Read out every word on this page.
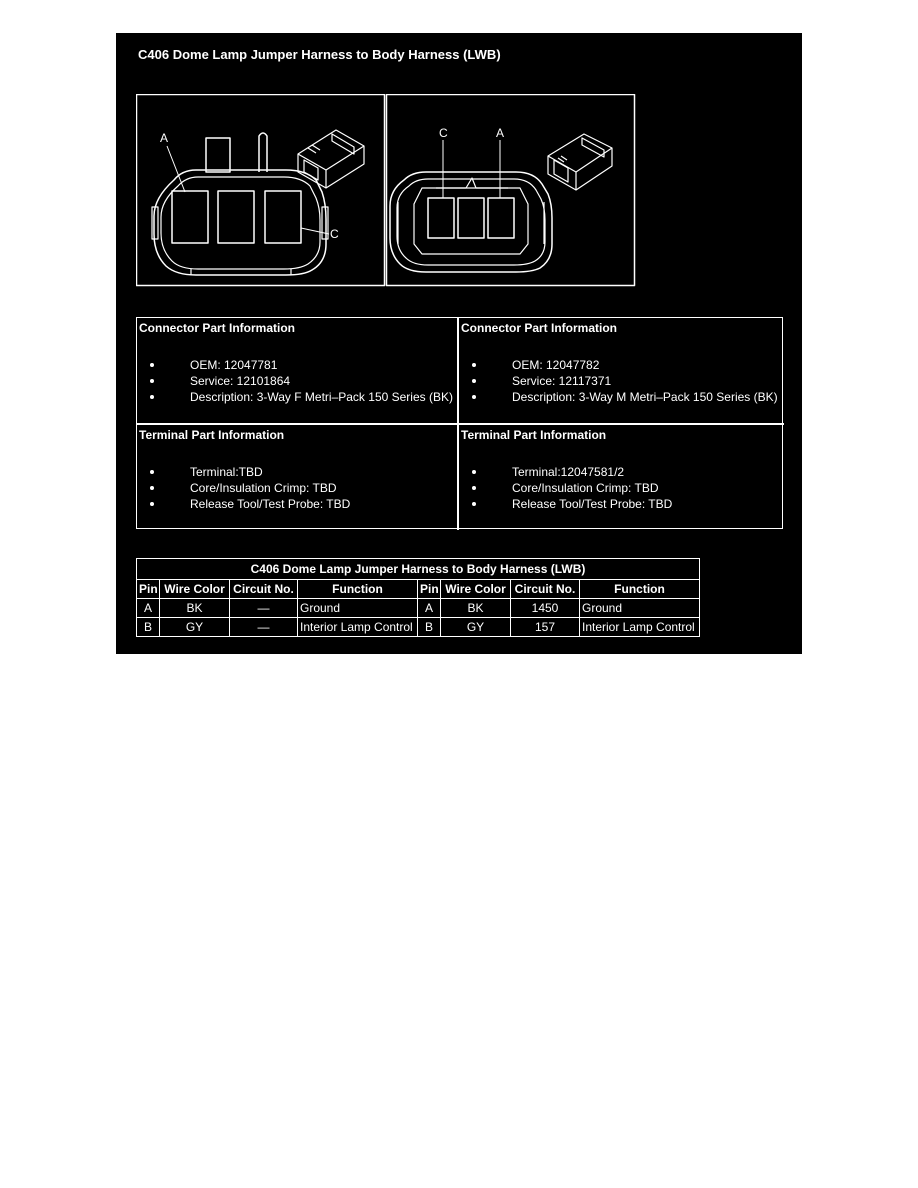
C406 Dome Lamp Jumper Harness to Body Harness (LWB)
A
C
C	A
Connector Part Information
OEM: 12047781
Service: 12101864
Description: 3-Way F Metri–Pack 150 Series (BK)
Connector Part Information
OEM: 12047782
Service: 12117371
Description: 3-Way M Metri–Pack 150 Series (BK)
Terminal Part Information
Terminal:TBD
Core/Insulation Crimp: TBD
Release Tool/Test Probe: TBD
Terminal Part Information
Terminal:12047581/2
Core/Insulation Crimp: TBD
Release Tool/Test Probe: TBD
C406 Dome Lamp Jumper Harness to Body Harness (LWB)							
Pin	Wire Color	Circuit No.	Function	Pin	Wire Color	Circuit No.	Function
A	BK	—	Ground	A	BK	1450	Ground
B	GY	—	Interior Lamp Control	B	GY	157	Interior Lamp Control
